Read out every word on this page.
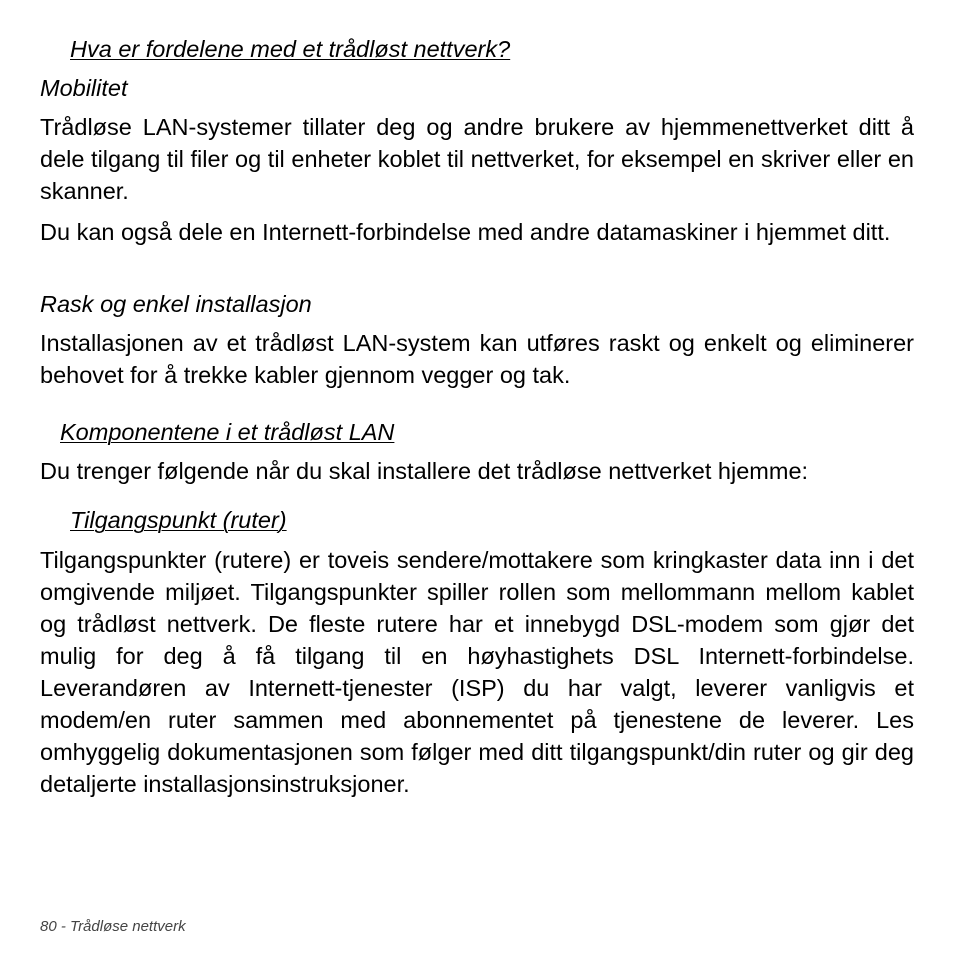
Hva er fordelene med et trådløst nettverk?
Mobilitet

Trådløse LAN-systemer tillater deg og andre brukere av hjemmenettverket ditt å dele tilgang til filer og til enheter koblet til nettverket, for eksempel en skriver eller en skanner.

Du kan også dele en Internett-forbindelse med andre datamaskiner i hjemmet ditt.

Rask og enkel installasjon

Installasjonen av et trådløst LAN-system kan utføres raskt og enkelt og eliminerer behovet for å trekke kabler gjennom vegger og tak.

Komponentene i et trådløst LAN

Du trenger følgende når du skal installere det trådløse nettverket hjemme:

Tilgangspunkt (ruter)

Tilgangspunkter (rutere) er toveis sendere/mottakere som kringkaster data inn i det omgivende miljøet. Tilgangspunkter spiller rollen som mellommann mellom kablet og trådløst nettverk. De fleste rutere har et innebygd DSL-modem som gjør det mulig for deg å få tilgang til en høyhastighets DSL Internett-forbindelse. Leverandøren av Internett-tjenester (ISP) du har valgt, leverer vanligvis et modem/en ruter sammen med abonnementet på tjenestene de leverer. Les omhyggelig dokumentasjonen som følger med ditt tilgangspunkt/din ruter og gir deg detaljerte installasjonsinstruksjoner.

80 - Trådløse nettverk
